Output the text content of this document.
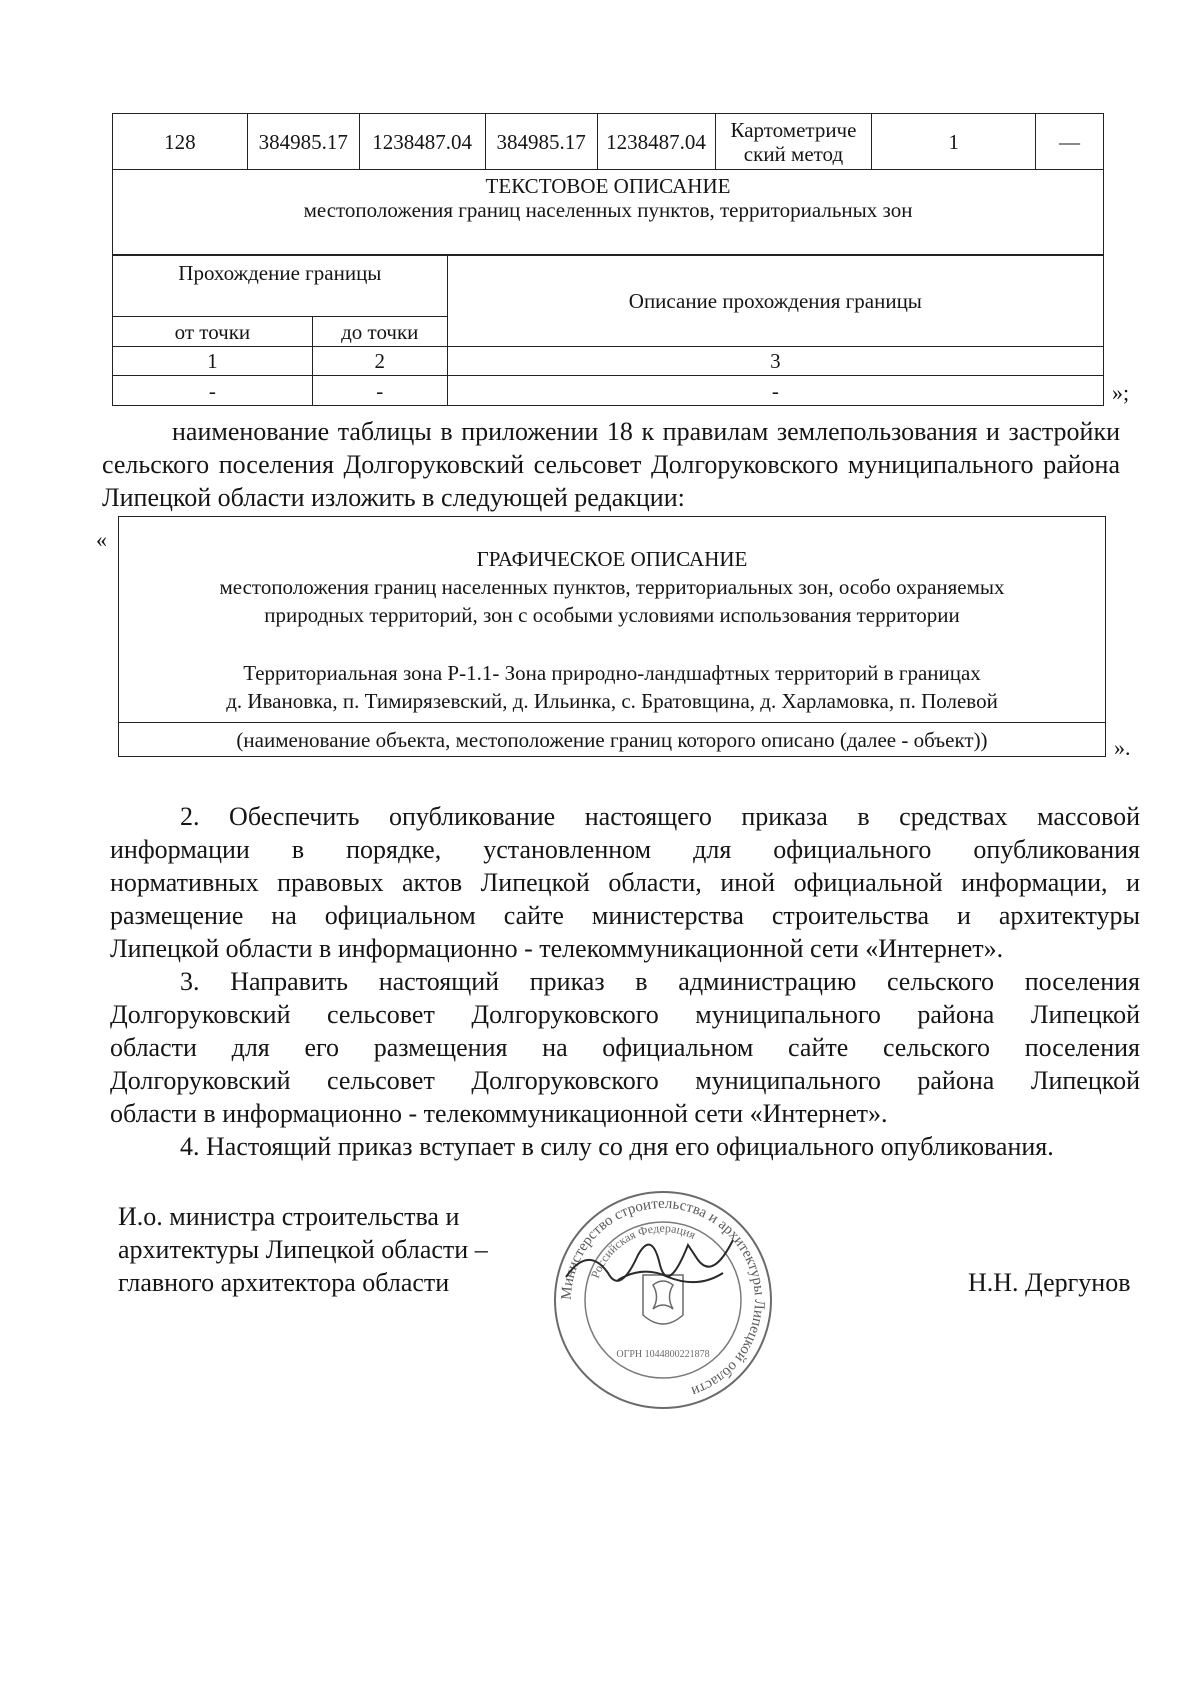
128	384985.17	1238487.04	384985.17	1238487.04	Картометриче ский метод	1	—

ТЕКСТОВОЕ ОПИСАНИЕ
местоположения границ населенных пунктов, территориальных зон
Прохождение границы		Описание прохождения границы
от точки	до точки	
1	2	3
-	-	-	»;
наименование таблицы в приложении 18 к правилам землепользования и застройки сельского поселения Долгоруковский сельсовет Долгоруковского муниципального района Липецкой области изложить в следующей редакции:
«
ГРАФИЧЕСКОЕ ОПИСАНИЕ
местоположения границ населенных пунктов, территориальных зон, особо охраняемых
природных территорий, зон с особыми условиями использования территории
Территориальная зона Р-1.1- Зона природно-ландшафтных территорий в границах
д. Ивановка, п. Тимирязевский, д. Ильинка, с. Братовщина, д. Харламовка, п. Полевой

(наименование объекта, местоположение границ которого описано (далее - объект))	».
2. Обеспечить опубликование настоящего приказа в средствах массовой
информации в порядке, установленном для официального опубликования
нормативных правовых актов Липецкой области, иной официальной информации, и
размещение на официальном сайте министерства строительства и архитектуры
Липецкой области в информационно - телекоммуникационной сети «Интернет».
3. Направить настоящий приказ в администрацию сельского поселения
Долгоруковский сельсовет Долгоруковского муниципального района Липецкой
области для его размещения на официальном сайте сельского поселения
Долгоруковский сельсовет Долгоруковского муниципального района Липецкой
области в информационно - телекоммуникационной сети «Интернет».
4. Настоящий приказ вступает в силу со дня его официального опубликования.
И.о. министра строительства и
архитектуры Липецкой области –
главного архитектора области	Н.Н. Дергунов
Министерство строительства и архитектуры Липецкой области
Российская Федерация
ОГРН 1044800221878
